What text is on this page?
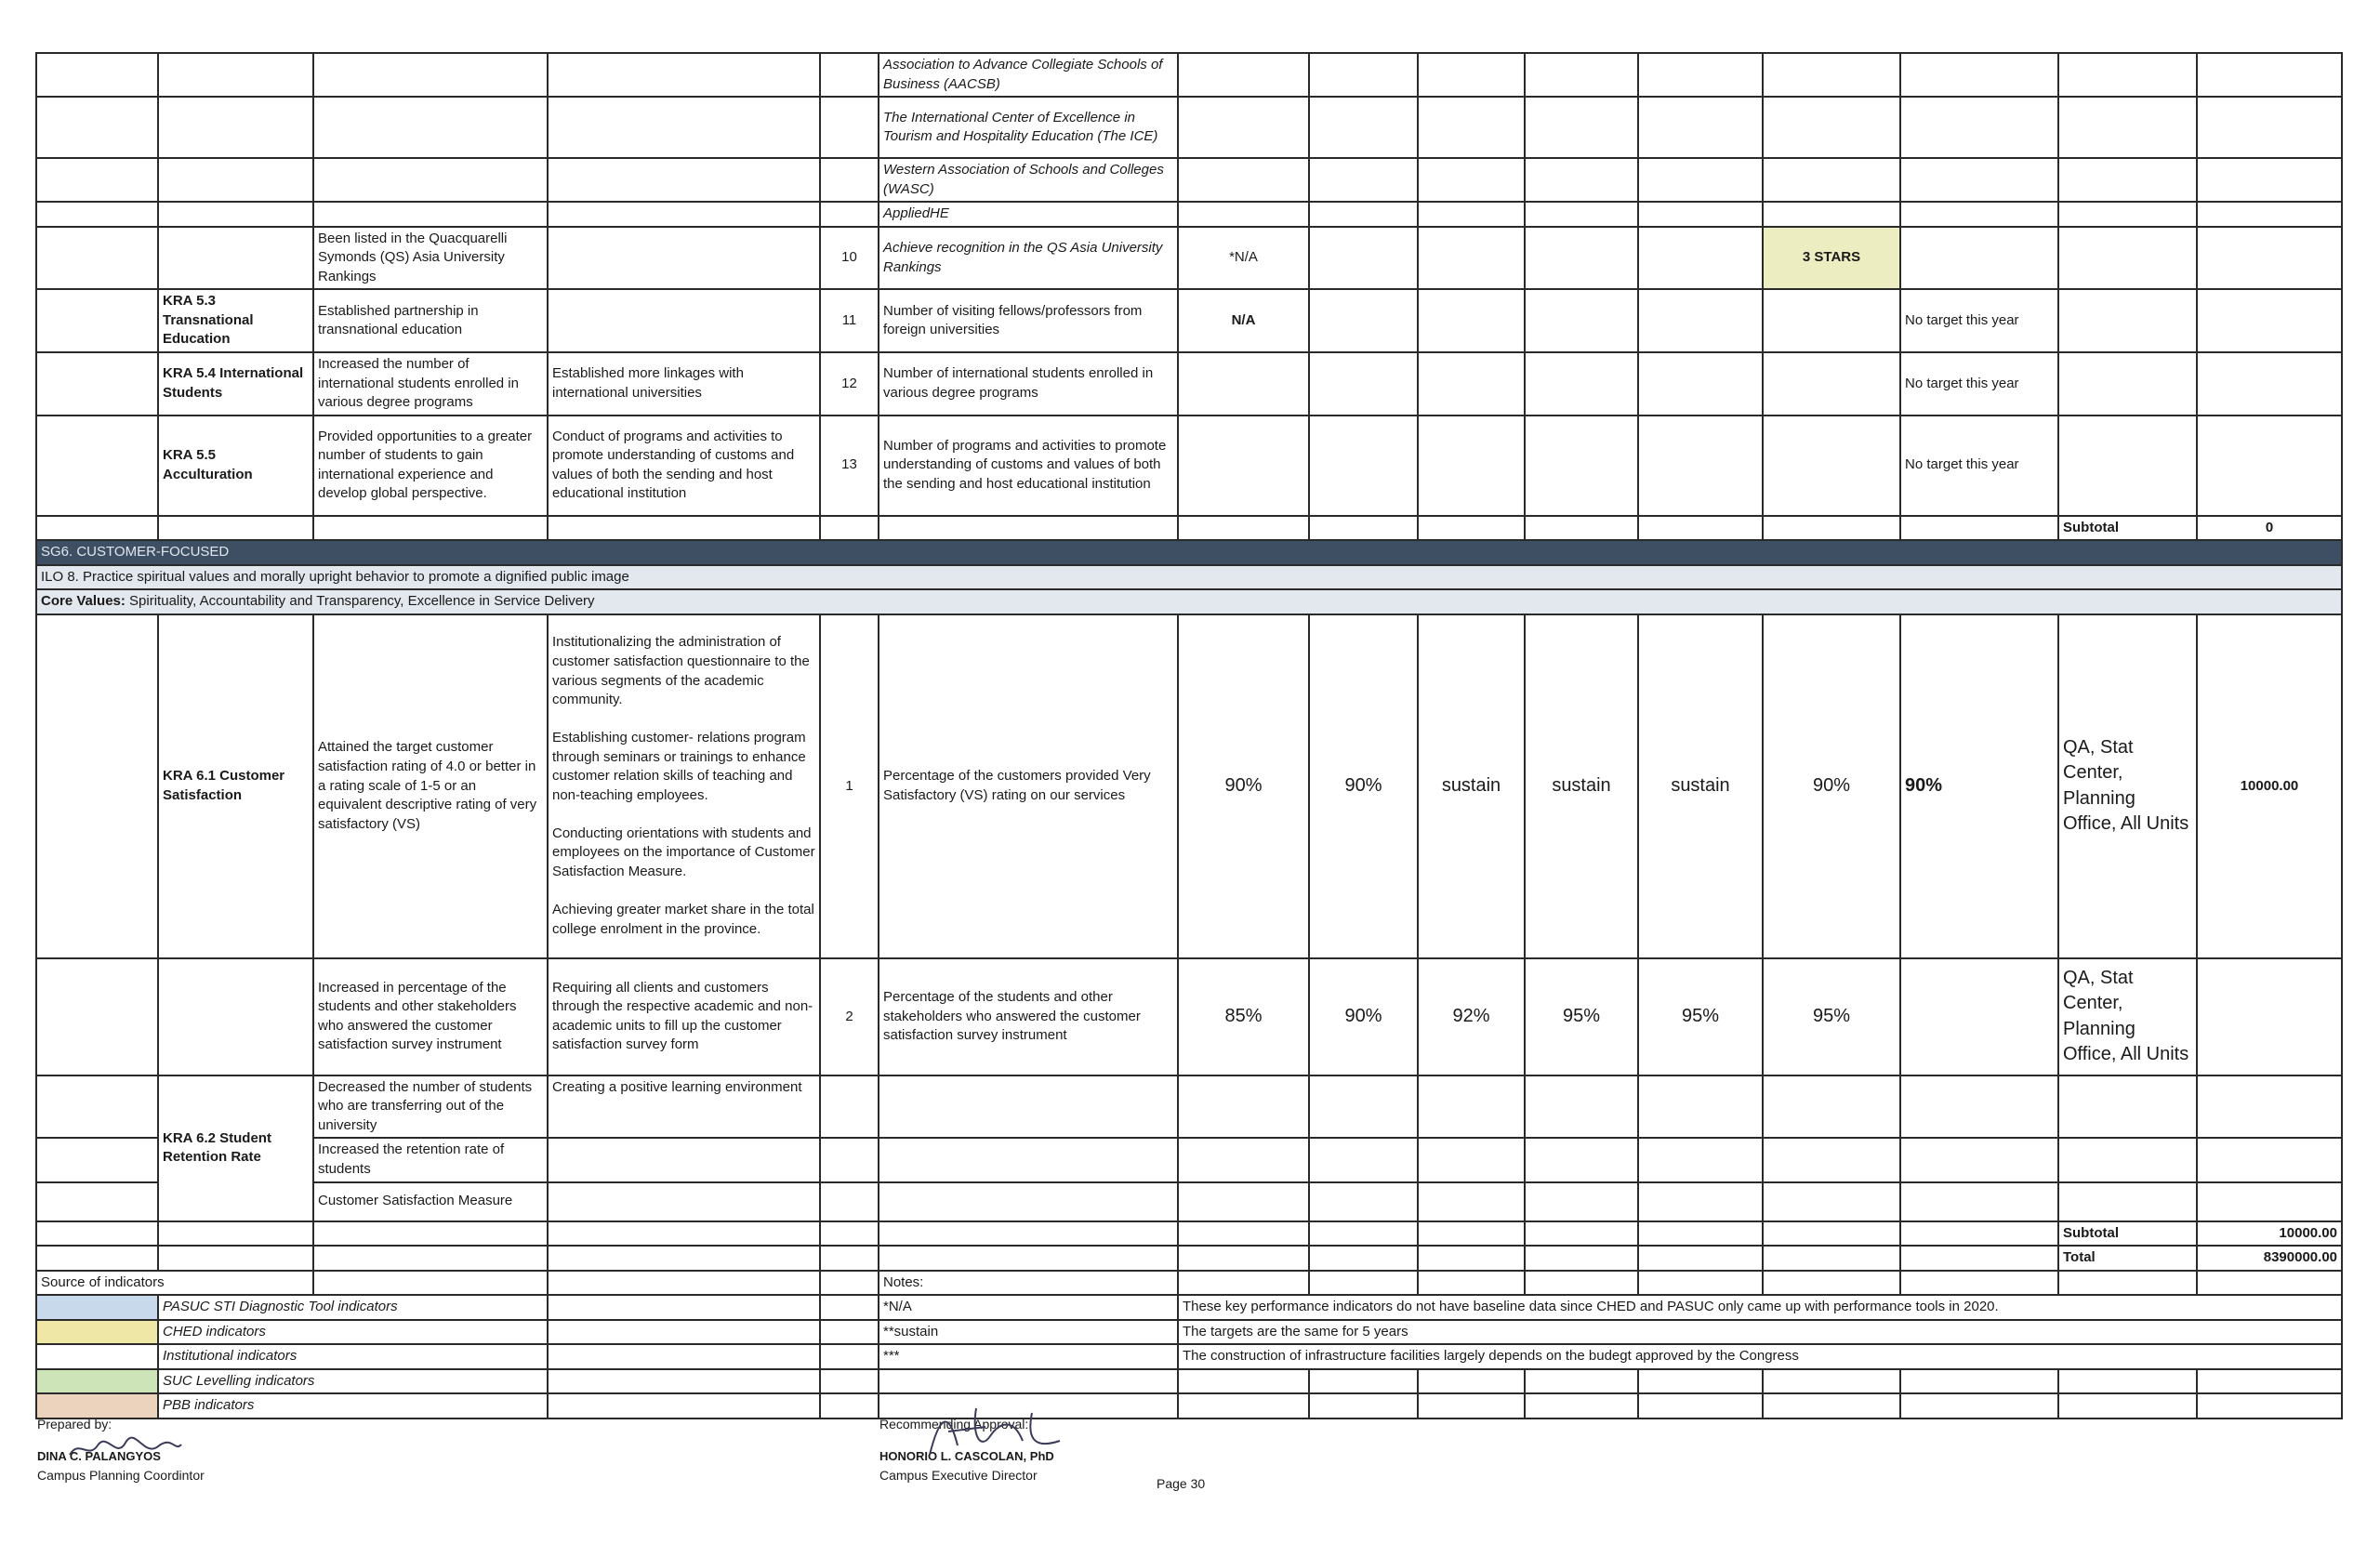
					Association to Advance Collegiate Schools of Business (AACSB)									
					The International Center of Excellence in Tourism and Hospitality Education (The ICE)									
					Western Association of Schools and Colleges (WASC)									
					AppliedHE									
		Been listed in the Quacquarelli Symonds (QS) Asia University Rankings		10	Achieve recognition in the QS Asia University Rankings	*N/A					3 STARS			
	KRA 5.3 Transnational Education	Established partnership in transnational education		11	Number of visiting fellows/professors from foreign universities	N/A						No target this year		
	KRA 5.4 International Students	Increased the number of international students enrolled in various degree programs	Established more linkages with international universities	12	Number of international students enrolled in various degree programs							No target this year		
	KRA 5.5 Acculturation	Provided opportunities to a greater number of students to gain international experience and develop global perspective.	Conduct of programs and activities to promote understanding of customs and values of both the sending and host educational institution	13	Number of programs and activities to promote understanding of customs and values of both the sending and host educational institution							No target this year		
													Subtotal	0
SG6. CUSTOMER-FOCUSED														
ILO 8. Practice spiritual values and morally upright behavior to promote a dignified public image														
Core Values: Spirituality, Accountability and Transparency, Excellence in Service Delivery														
	KRA 6.1 Customer Satisfaction	Attained the target customer satisfaction rating of 4.0 or better in a rating scale of 1-5 or an equivalent descriptive rating of very satisfactory (VS)	Institutionalizing the administration of customer satisfaction questionnaire to the various segments of the academic community.

Establishing customer- relations program through seminars or trainings to enhance customer relation skills of teaching and non-teaching employees.

Conducting orientations with students and employees on the importance of Customer Satisfaction Measure.

Achieving greater market share in the total college enrolment in the province.	1	Percentage of the customers provided Very Satisfactory (VS) rating on our services	90%	90%	sustain	sustain	sustain	90%	90%	QA, Stat Center, Planning Office, All Units	10000.00
		Increased in percentage of the students and other stakeholders who answered the customer satisfaction survey instrument	Requiring all clients and customers through the respective academic and non-academic units to fill up the customer satisfaction survey form	2	Percentage of the students and other stakeholders who answered the customer satisfaction survey instrument	85%	90%	92%	95%	95%	95%		QA, Stat Center, Planning Office, All Units	
	KRA 6.2 Student Retention Rate	Decreased the number of students who are transferring out of the university	Creating a positive learning environment											
		Increased the retention rate of students												
		Customer Satisfaction Measure												
													Subtotal	10000.00
													Total	8390000.00
Source of indicators					Notes:									
	PASUC STI Diagnostic Tool indicators				*N/A	These key performance indicators do not have baseline data since CHED and PASUC only came up with performance tools in 2020.								
	CHED indicators				**sustain	The targets are the same for 5 years								
	Institutional indicators				***	The construction of infrastructure facilities largely depends on the budegt approved by the Congress								
	SUC Levelling indicators													
	PBB indicators													
Prepared by:
DINA C. PALANGYOS
Campus Planning Coordintor
Recommending Approval:
HONORIO L. CASCOLAN, PhD
Campus Executive Director
Page 30
